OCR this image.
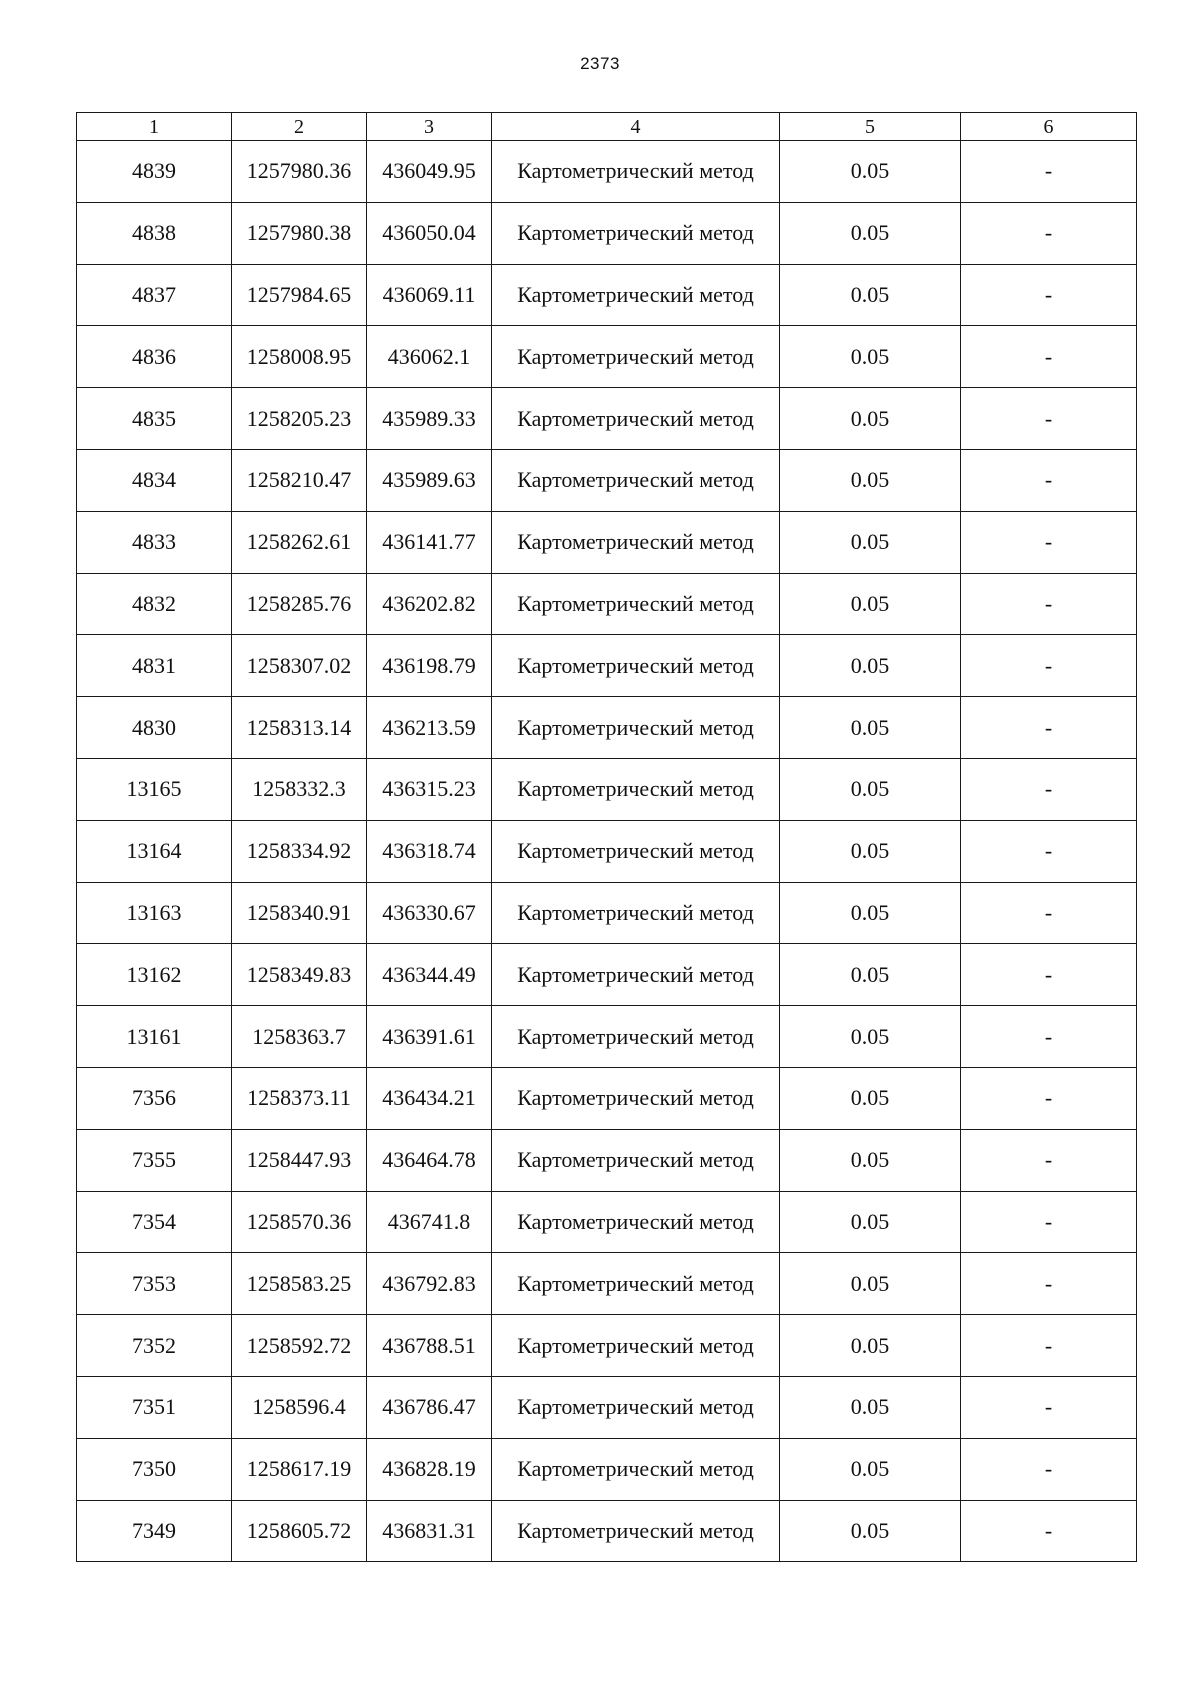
2373
1	2	3	4	5	6
4839	1257980.36	436049.95	Картометрический метод	0.05	-
4838	1257980.38	436050.04	Картометрический метод	0.05	-
4837	1257984.65	436069.11	Картометрический метод	0.05	-
4836	1258008.95	436062.1	Картометрический метод	0.05	-
4835	1258205.23	435989.33	Картометрический метод	0.05	-
4834	1258210.47	435989.63	Картометрический метод	0.05	-
4833	1258262.61	436141.77	Картометрический метод	0.05	-
4832	1258285.76	436202.82	Картометрический метод	0.05	-
4831	1258307.02	436198.79	Картометрический метод	0.05	-
4830	1258313.14	436213.59	Картометрический метод	0.05	-
13165	1258332.3	436315.23	Картометрический метод	0.05	-
13164	1258334.92	436318.74	Картометрический метод	0.05	-
13163	1258340.91	436330.67	Картометрический метод	0.05	-
13162	1258349.83	436344.49	Картометрический метод	0.05	-
13161	1258363.7	436391.61	Картометрический метод	0.05	-
7356	1258373.11	436434.21	Картометрический метод	0.05	-
7355	1258447.93	436464.78	Картометрический метод	0.05	-
7354	1258570.36	436741.8	Картометрический метод	0.05	-
7353	1258583.25	436792.83	Картометрический метод	0.05	-
7352	1258592.72	436788.51	Картометрический метод	0.05	-
7351	1258596.4	436786.47	Картометрический метод	0.05	-
7350	1258617.19	436828.19	Картометрический метод	0.05	-
7349	1258605.72	436831.31	Картометрический метод	0.05	-
